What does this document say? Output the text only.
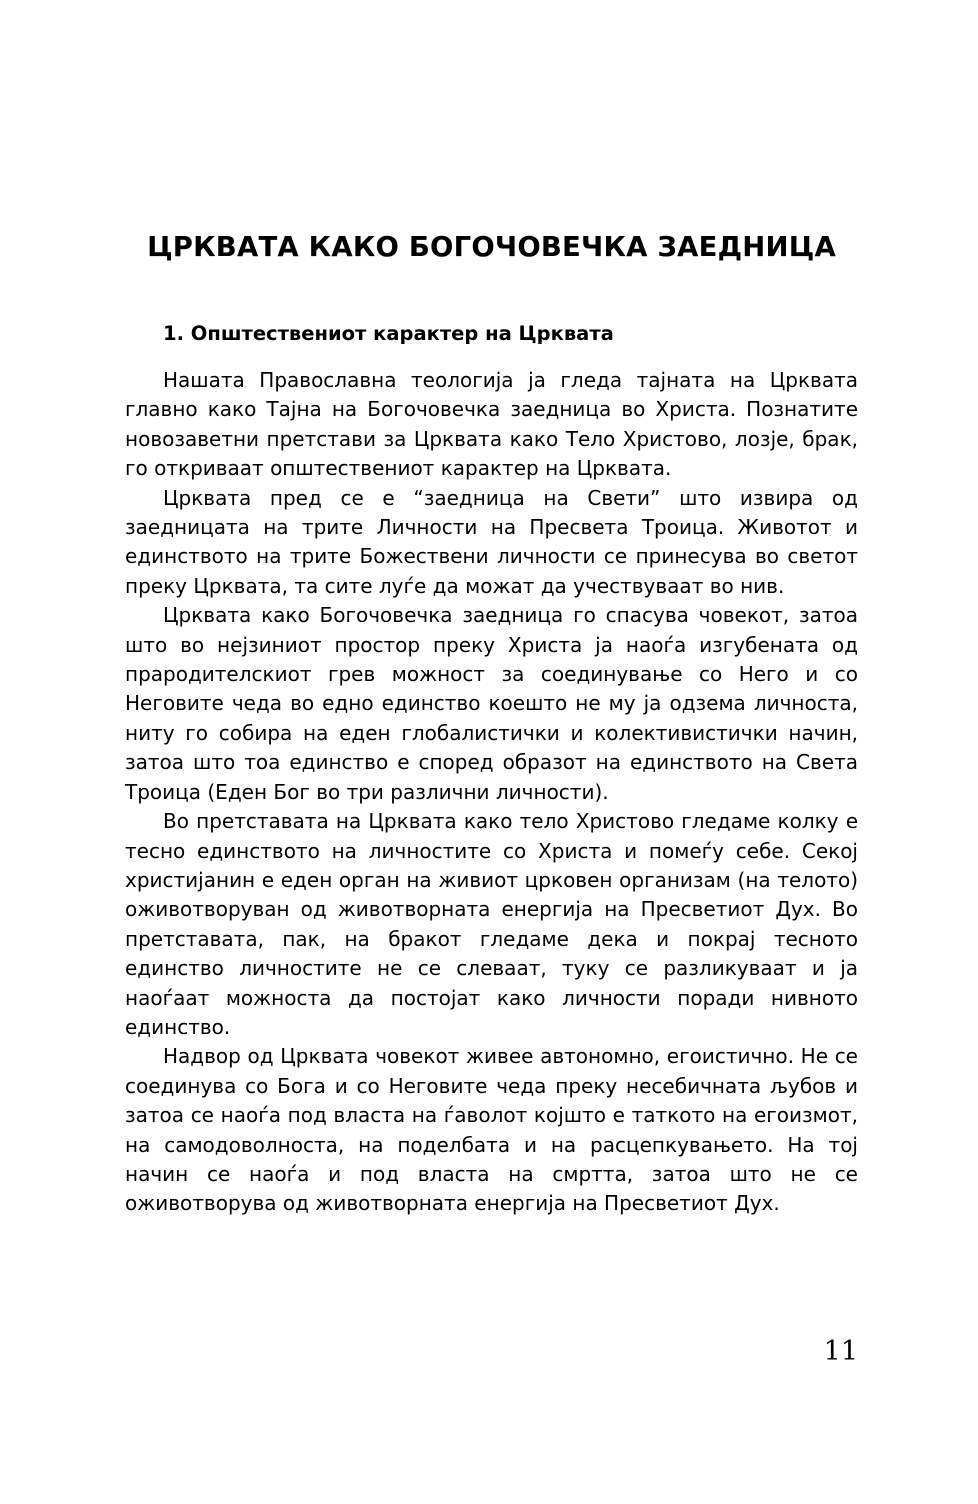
ЦРКВАТА КАКО БОГОЧОВЕЧКА ЗАЕДНИЦА
1. Општествениот карактер на Црквата

Нашата Православна теологија ја гледа тајната на Црквата главно како Тајна на Богочовечка заедница во Христа. Познатите новозаветни претстави за Црквата како Тело Христово, лозје, брак, го откриваат општествениот карактер на Црквата.

Црквата пред се е “заедница на Свети” што извира од заедницата на трите Личности на Пресвета Троица. Животот и единството на трите Божествени личности се принесува во светот преку Црквата, та сите луѓе да можат да учествуваат во нив.

Црквата како Богочовечка заедница го спасува човекот, затоа што во нејзиниот простор преку Христа ја наоѓа изгубената од прародителскиот грев можност за соединување со Него и со Неговите чеда во едно единство коешто не му ја одзема личноста, ниту го собира на еден глобалистички и колективистички начин, затоа што тоа единство е според образот на единството на Света Троица (Еден Бог во три различни личности).

Во претставата на Црквата како тело Христово гледаме колку е тесно единството на личностите со Христа и помеѓу себе. Секој христијанин е еден орган на живиот црковен организам (на телото) оживотворуван од животворната енергија на Пресветиот Дух. Во претставата, пак, на бракот гледаме дека и покрај тесното единство личностите не се слеваат, туку се разликуваат и ја наоѓаат можноста да постојат како личности поради нивното единство.

Надвор од Црквата човекот живее автономно, егоистично. Не се соединува со Бога и со Неговите чеда преку несебичната љубов и затоа се наоѓа под власта на ѓаволот којшто е таткото на егоизмот, на самодоволноста, на поделбата и на расцепкувањето. На тој начин се наоѓа и под власта на смртта, затоа што не се оживотворува од животворната енергија на Пресветиот Дух.

11
